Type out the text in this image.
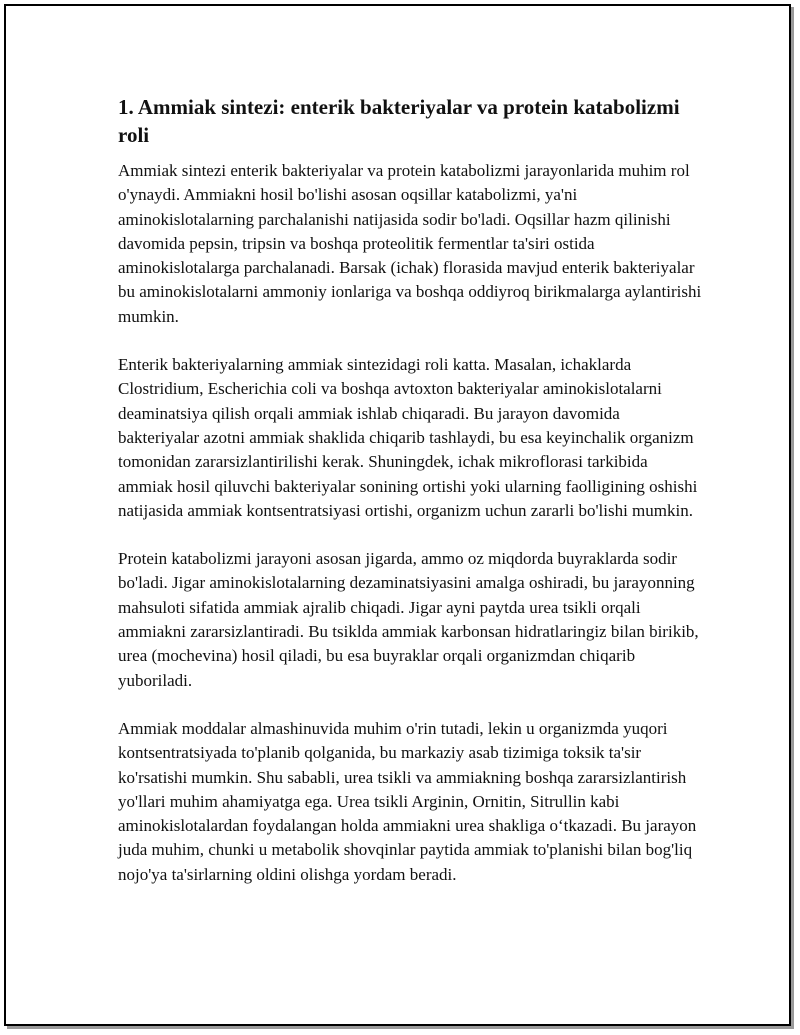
1. Ammiak sintezi: enterik bakteriyalar va protein katabolizmi roli

Ammiak sintezi enterik bakteriyalar va protein katabolizmi jarayonlarida muhim rol o'ynaydi. Ammiakni hosil bo'lishi asosan oqsillar katabolizmi, ya'ni aminokislotalarning parchalanishi natijasida sodir bo'ladi. Oqsillar hazm qilinishi davomida pepsin, tripsin va boshqa proteolitik fermentlar ta'siri ostida aminokislotalarga parchalanadi. Barsak (ichak) florasida mavjud enterik bakteriyalar bu aminokislotalarni ammoniy ionlariga va boshqa oddiyroq birikmalarga aylantirishi mumkin.

Enterik bakteriyalarning ammiak sintezidagi roli katta. Masalan, ichaklarda Clostridium, Escherichia coli va boshqa avtoxton bakteriyalar aminokislotalarni deaminatsiya qilish orqali ammiak ishlab chiqaradi. Bu jarayon davomida bakteriyalar azotni ammiak shaklida chiqarib tashlaydi, bu esa keyinchalik organizm tomonidan zararsizlantirilishi kerak. Shuningdek, ichak mikroflorasi tarkibida ammiak hosil qiluvchi bakteriyalar sonining ortishi yoki ularning faolligining oshishi natijasida ammiak kontsentratsiyasi ortishi, organizm uchun zararli bo'lishi mumkin.

Protein katabolizmi jarayoni asosan jigarda, ammo oz miqdorda buyraklarda sodir bo'ladi. Jigar aminokislotalarning dezaminatsiyasini amalga oshiradi, bu jarayonning mahsuloti sifatida ammiak ajralib chiqadi. Jigar ayni paytda urea tsikli orqali ammiakni zararsizlantiradi. Bu tsiklda ammiak karbonsan hidratlaringiz bilan birikib, urea (mochevina) hosil qiladi, bu esa buyraklar orqali organizmdan chiqarib yuboriladi.

Ammiak moddalar almashinuvida muhim o'rin tutadi, lekin u organizmda yuqori kontsentratsiyada to'planib qolganida, bu markaziy asab tizimiga toksik ta'sir ko'rsatishi mumkin. Shu sababli, urea tsikli va ammiakning boshqa zararsizlantirish yo'llari muhim ahamiyatga ega. Urea tsikli Arginin, Ornitin, Sitrullin kabi aminokislotalardan foydalangan holda ammiakni urea shakliga o‘tkazadi. Bu jarayon juda muhim, chunki u metabolik shovqinlar paytida ammiak to'planishi bilan bog'liq nojo'ya ta'sirlarning oldini olishga yordam beradi.
